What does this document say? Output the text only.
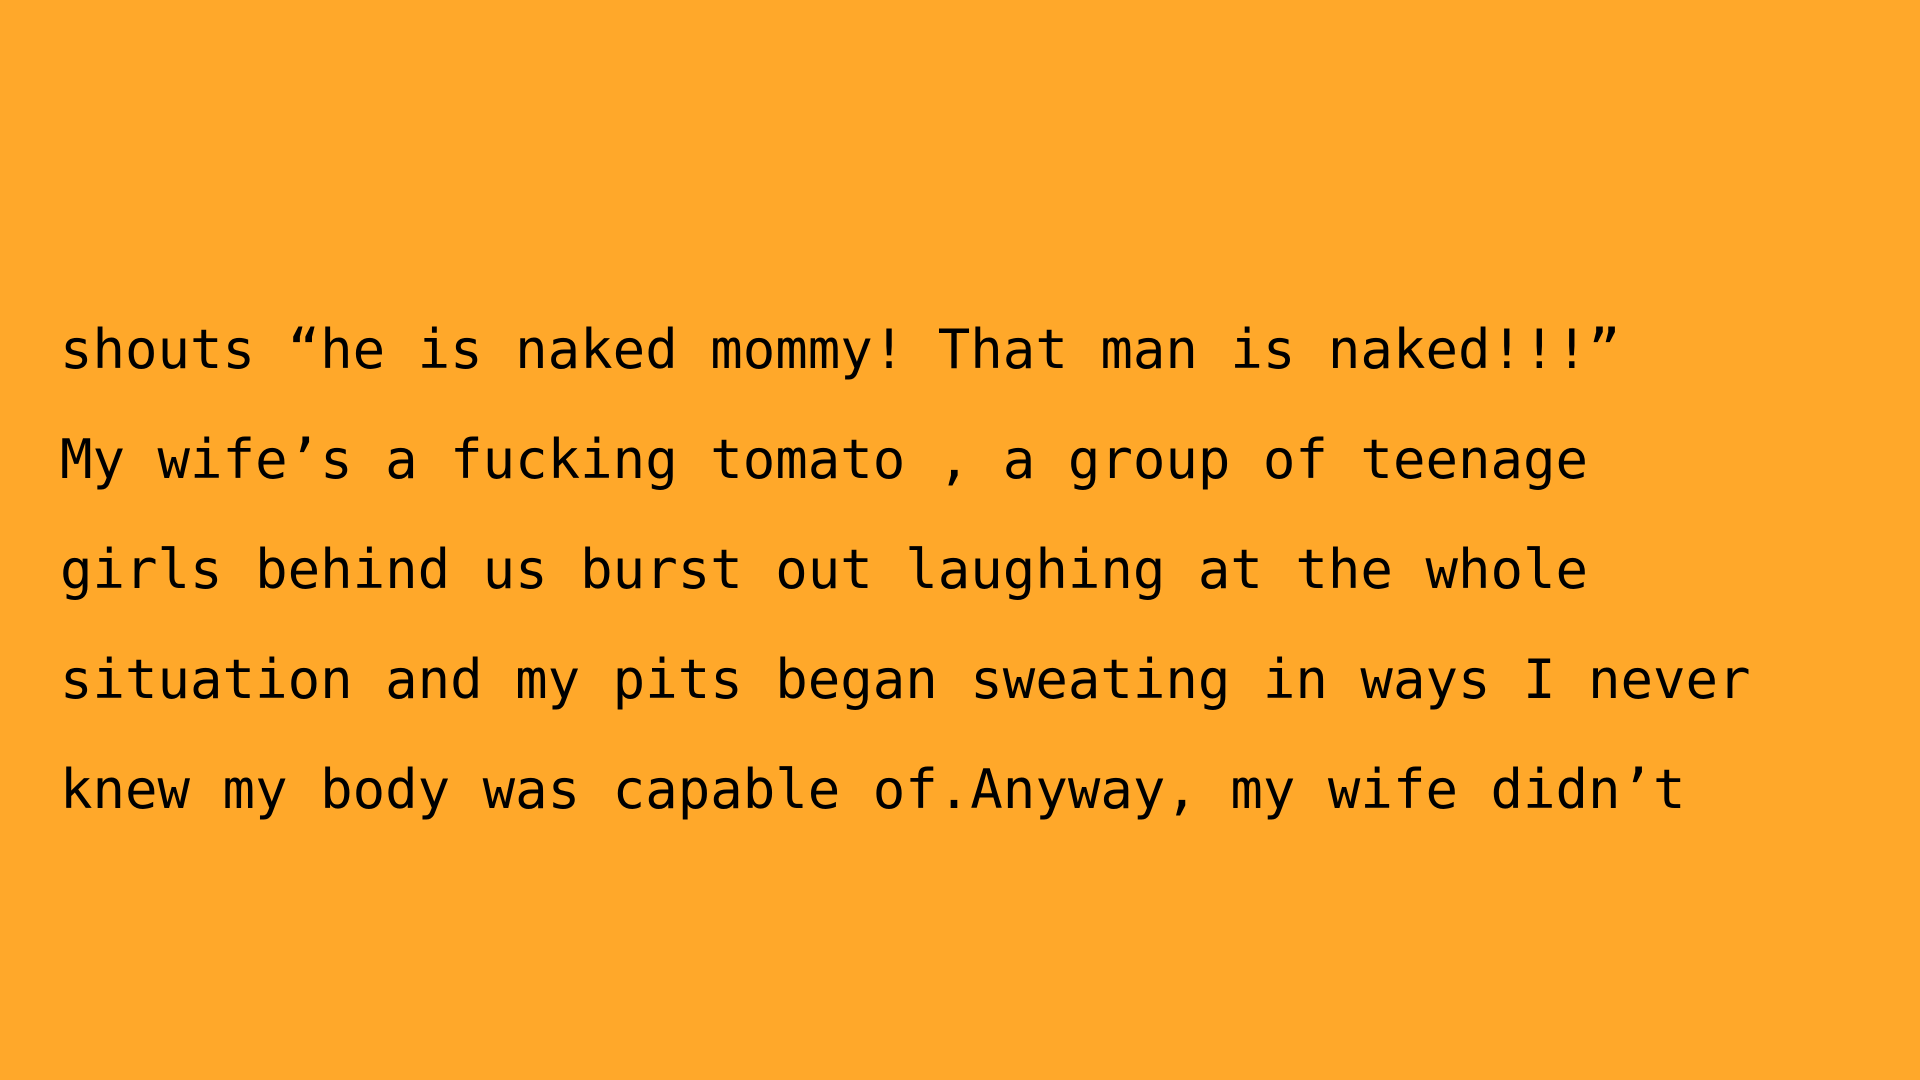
shouts “he is naked mommy! That man is naked!!!”
My wife’s a fucking tomato , a group of teenage
girls behind us burst out laughing at the whole
situation and my pits began sweating in ways I never
knew my body was capable of.Anyway, my wife didn’t
